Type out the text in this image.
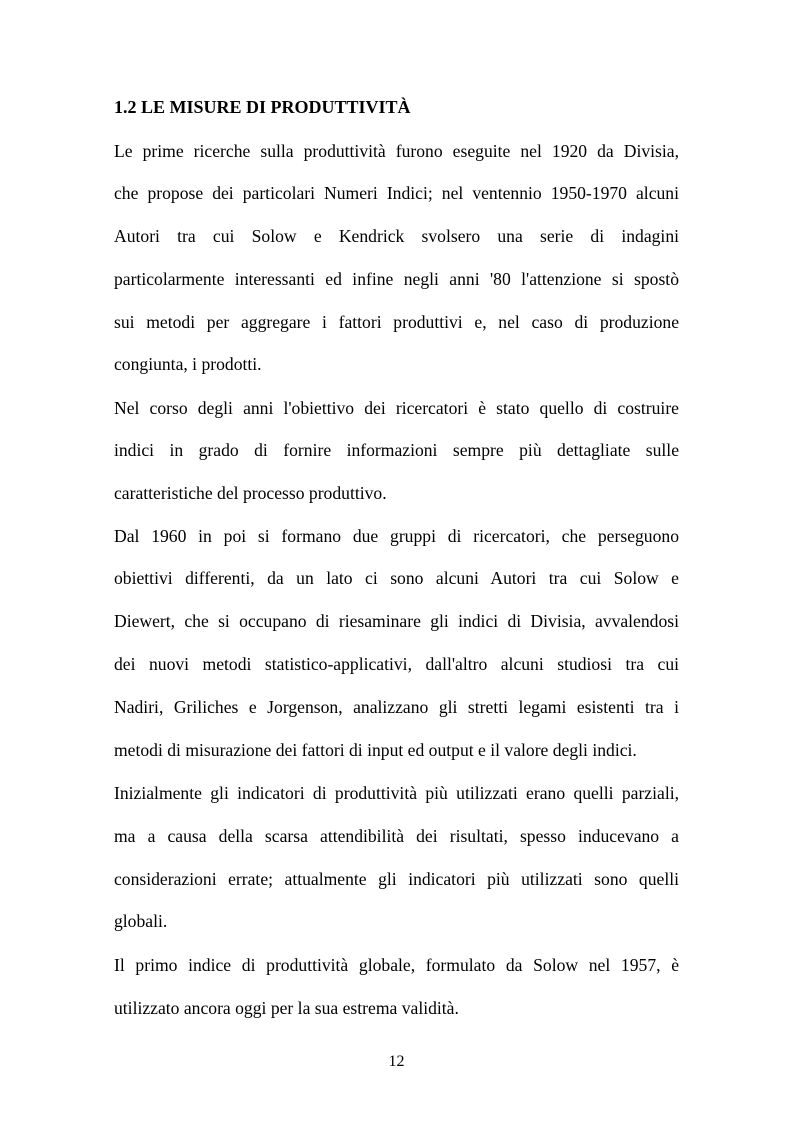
1.2 LE MISURE DI PRODUTTIVITÀ
Le prime ricerche sulla produttività furono eseguite nel 1920 da Divisia,
che propose dei particolari Numeri Indici; nel ventennio 1950-1970 alcuni
Autori tra cui Solow e Kendrick svolsero una serie di indagini
particolarmente interessanti ed infine negli anni '80 l'attenzione si spostò
sui metodi per aggregare i fattori produttivi e, nel caso di produzione
congiunta, i prodotti.
Nel corso degli anni l'obiettivo dei ricercatori è stato quello di costruire
indici in grado di fornire informazioni sempre più dettagliate sulle
caratteristiche del processo produttivo.
Dal 1960 in poi si formano due gruppi di ricercatori, che perseguono
obiettivi differenti, da un lato ci sono alcuni Autori tra cui Solow e
Diewert, che si occupano di riesaminare gli indici di Divisia, avvalendosi
dei nuovi metodi statistico-applicativi, dall'altro alcuni studiosi tra cui
Nadiri, Griliches e Jorgenson, analizzano gli stretti legami esistenti tra i
metodi di misurazione dei fattori di input ed output e il valore degli indici.
Inizialmente gli indicatori di produttività più utilizzati erano quelli parziali,
ma a causa della scarsa attendibilità dei risultati, spesso inducevano a
considerazioni errate; attualmente gli indicatori più utilizzati sono quelli
globali.
Il primo indice di produttività globale, formulato da Solow nel 1957, è
utilizzato ancora oggi per la sua estrema validità.
12
